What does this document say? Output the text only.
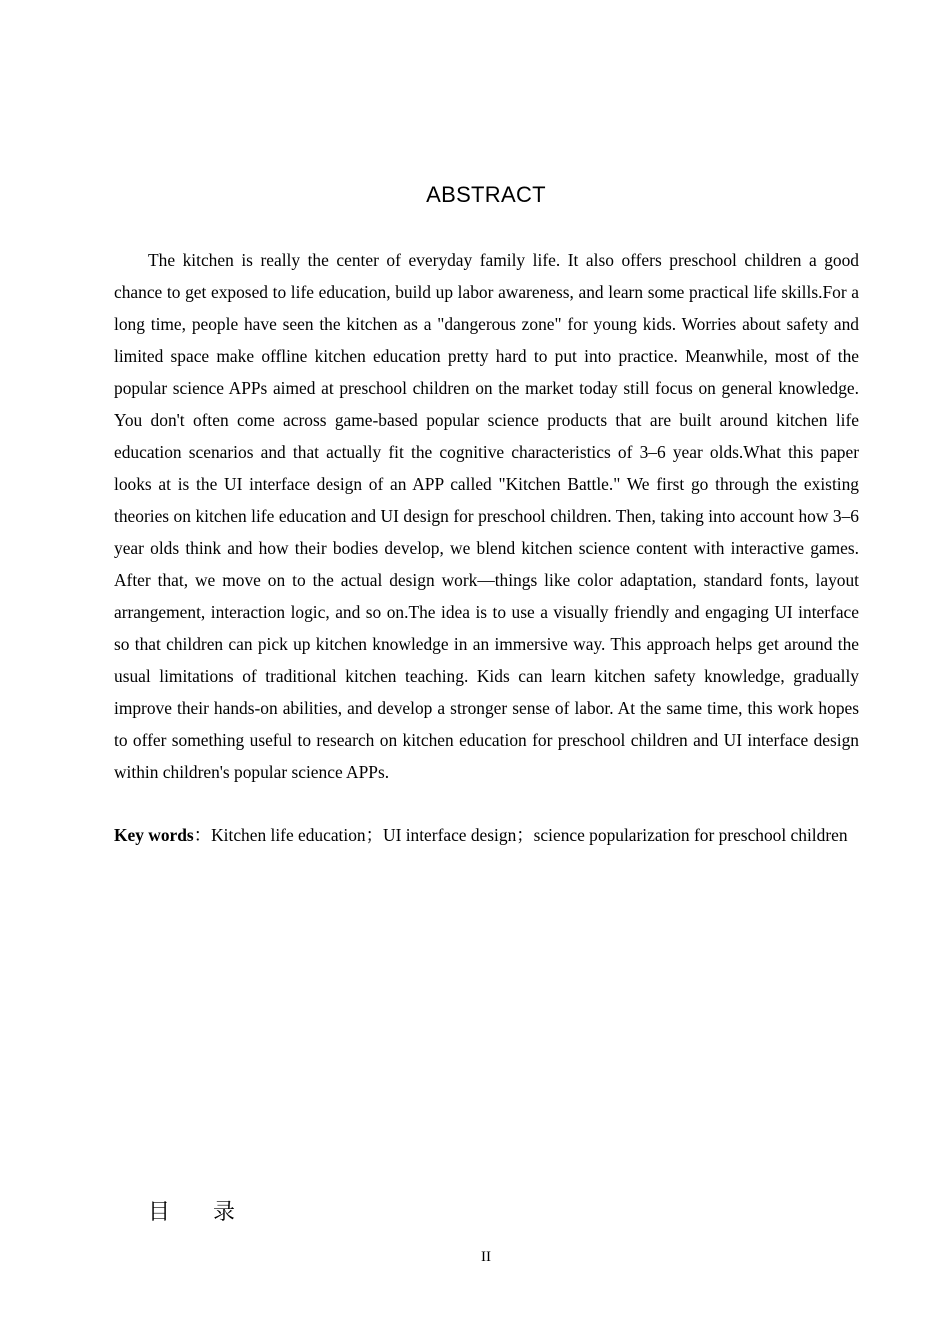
ABSTRACT

The kitchen is really the center of everyday family life. It also offers preschool children a good chance to get exposed to life education, build up labor awareness, and learn some practical life skills.For a long time, people have seen the kitchen as a "dangerous zone" for young kids. Worries about safety and limited space make offline kitchen education pretty hard to put into practice. Meanwhile, most of the popular science APPs aimed at preschool children on the market today still focus on general knowledge. You don't often come across game-based popular science products that are built around kitchen life education scenarios and that actually fit the cognitive characteristics of 3–6 year olds.What this paper looks at is the UI interface design of an APP called "Kitchen Battle." We first go through the existing theories on kitchen life education and UI design for preschool children. Then, taking into account how 3–6 year olds think and how their bodies develop, we blend kitchen science content with interactive games. After that, we move on to the actual design work—things like color adaptation, standard fonts, layout arrangement, interaction logic, and so on.The idea is to use a visually friendly and engaging UI interface so that children can pick up kitchen knowledge in an immersive way. This approach helps get around the usual limitations of traditional kitchen teaching. Kids can learn kitchen safety knowledge, gradually improve their hands-on abilities, and develop a stronger sense of labor. At the same time, this work hopes to offer something useful to research on kitchen education for preschool children and UI interface design within children's popular science APPs.

Key words：Kitchen life education；UI interface design；science popularization for preschool children

目 录
II
